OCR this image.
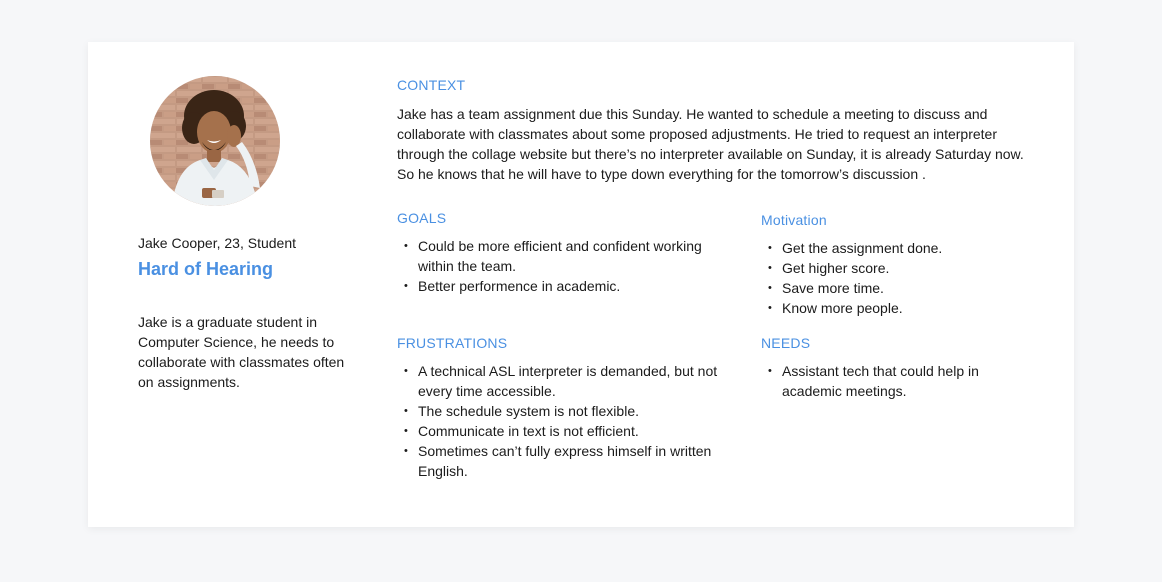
Jake Cooper, 23, Student
Hard of Hearing
Jake is a graduate student in Computer Science, he needs to collaborate with classmates often on assignments.
CONTEXT
Jake has a team assignment due this Sunday. He wanted to schedule a meeting to discuss and collaborate with classmates about some proposed adjustments. He tried to request an interpreter through the collage website but there’s no interpreter available on Sunday, it is already Saturday now. So he knows that he will have to type down everything for the tomorrow’s discussion .
GOALS
• Could be more efficient and confident working within the team.
• Better performence in academic.
Motivation
• Get the assignment done.
• Get higher score.
• Save more time.
• Know more people.
FRUSTRATIONS
• A technical ASL interpreter is demanded, but not every time accessible.
• The schedule system is not flexible.
• Communicate in text is not efficient.
• Sometimes can’t fully express himself in written English.
NEEDS
• Assistant tech that could help in academic meetings.
